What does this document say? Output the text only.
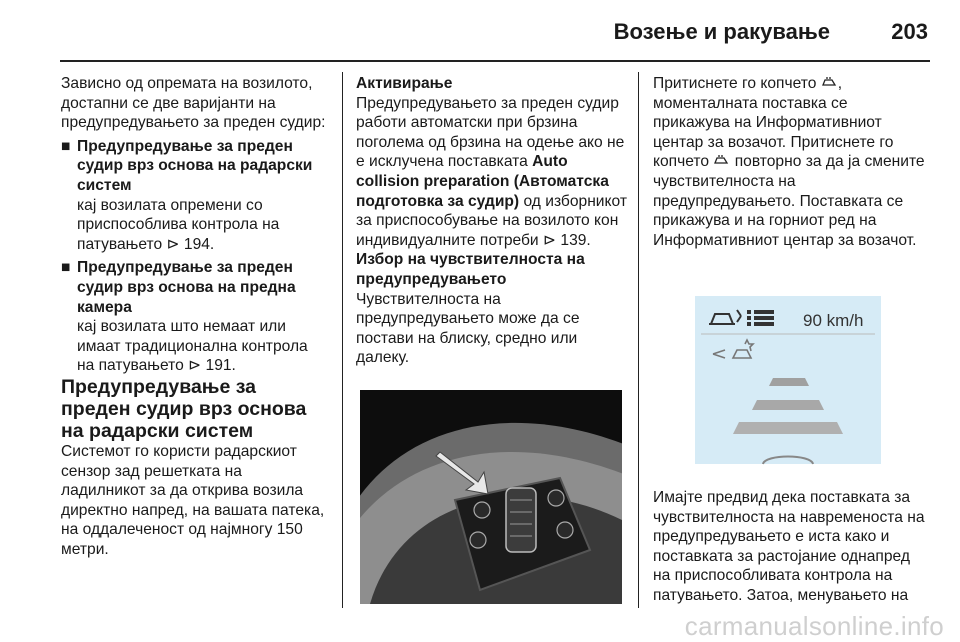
Возење и ракување	203

Зависно од опремата на возилото, достапни се две варијанти на предупредувањето за преден судир:

■ Предупредување за преден судир врз основа на радарски систем

кај возилата опремени со приспособлива контрола на патувањето ⊳ 194.

■ Предупредување за преден судир врз основа на предна камера

кај возилата што немаат или имаат традиционална контрола на патувањето ⊳ 191.

Предупредување за преден судир врз основа на радарски систем

Системот го користи радарскиот сензор зад решетката на ладилникот за да открива возила директно напред, на вашата патека, на оддалеченост од најмногу 150 метри.

Активирање

Предупредувањето за преден судир работи автоматски при брзина поголема од брзина на одење ако не е исклучена поставката Auto collision preparation (Автоматска подготовка за судир) од изборникот за приспособување на возилото кон индивидуалните потреби ⊳ 139.

Избор на чувствителноста на предупредувањето

Чувствителноста на предупредувањето може да се постави на блиску, средно или далеку.

Притиснете го копчето , моменталната поставка се прикажува на Информативниот центар за возачот. Притиснете го копчето повторно за да ја смените чувствителноста на предупредувањето. Поставката се прикажува и на горниот ред на Информативниот центар за возачот.

90 km/h

Имајте предвид дека поставката за чувствителноста на навременоста на предупредувањето е иста како и поставката за растојание однапред на приспособливата контрола на патувањето. Затоа, менувањето на

carmanualsonline.info
